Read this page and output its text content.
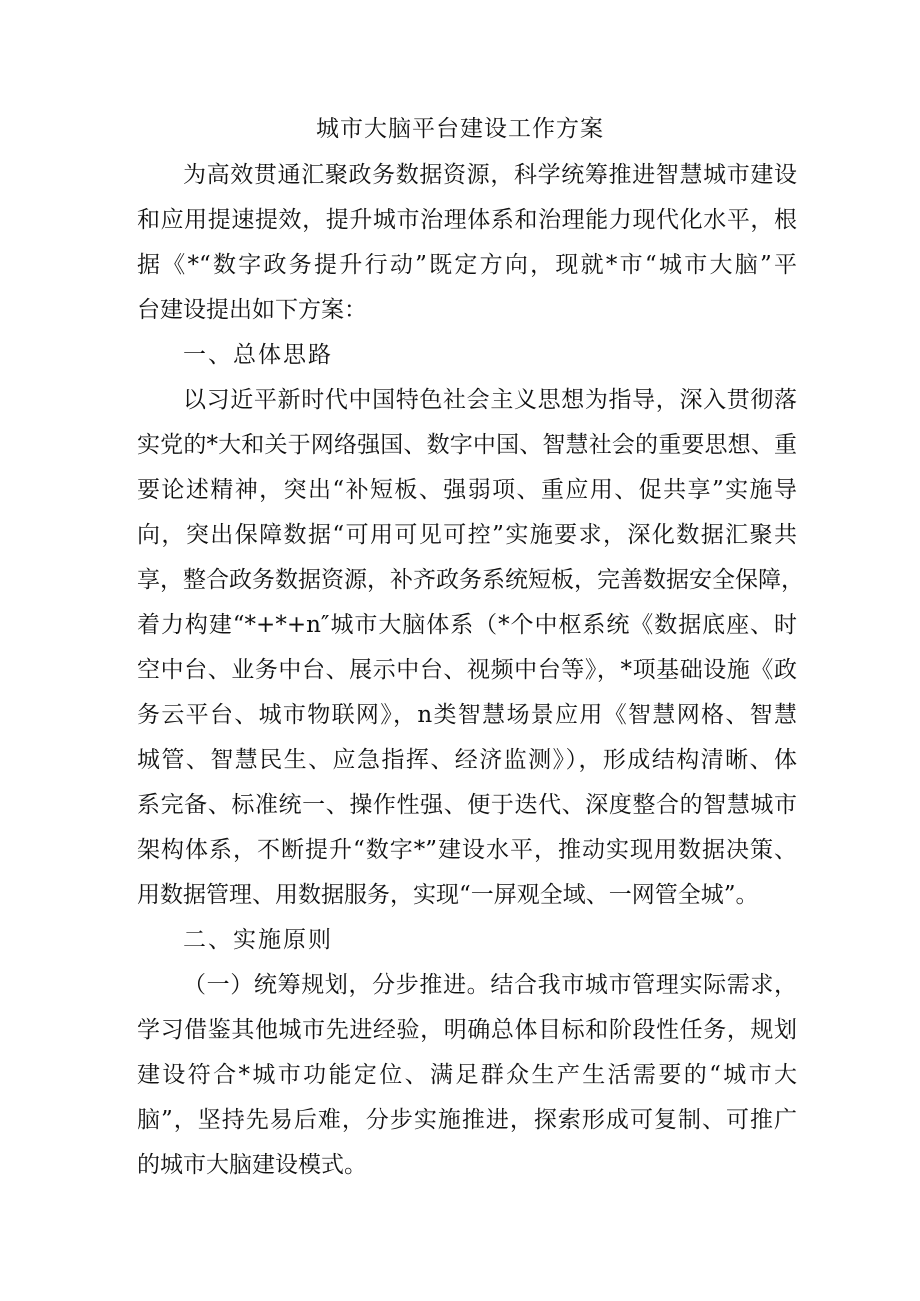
城市大脑平台建设工作方案
为高效贯通汇聚政务数据资源，科学统筹推进智慧城市建设
和应用提速提效，提升城市治理体系和治理能力现代化水平，根
据《*“数字政务提升行动”既定方向，现就*市“城市大脑”平
台建设提出如下方案：
一、总体思路
以习近平新时代中国特色社会主义思想为指导，深入贯彻落
实党的*大和关于网络强国、数字中国、智慧社会的重要思想、重
要论述精神，突出“补短板、强弱项、重应用、促共享”实施导
向，突出保障数据“可用可见可控”实施要求，深化数据汇聚共
享，整合政务数据资源，补齐政务系统短板，完善数据安全保障，
着力构建“*+*+n″城市大脑体系（*个中枢系统《数据底座、时
空中台、业务中台、展示中台、视频中台等》，*项基础设施《政
务云平台、城市物联网》，n类智慧场景应用《智慧网格、智慧
城管、智慧民生、应急指挥、经济监测》），形成结构清晰、体
系完备、标准统一、操作性强、便于迭代、深度整合的智慧城市
架构体系，不断提升“数字*”建设水平，推动实现用数据决策、
用数据管理、用数据服务，实现“一屏观全域、一网管全城”。
二、实施原则
（一）统筹规划，分步推进。结合我市城市管理实际需求，
学习借鉴其他城市先进经验，明确总体目标和阶段性任务，规划
建设符合*城市功能定位、满足群众生产生活需要的“城市大
脑”，坚持先易后难，分步实施推进，探索形成可复制、可推广
的城市大脑建设模式。
